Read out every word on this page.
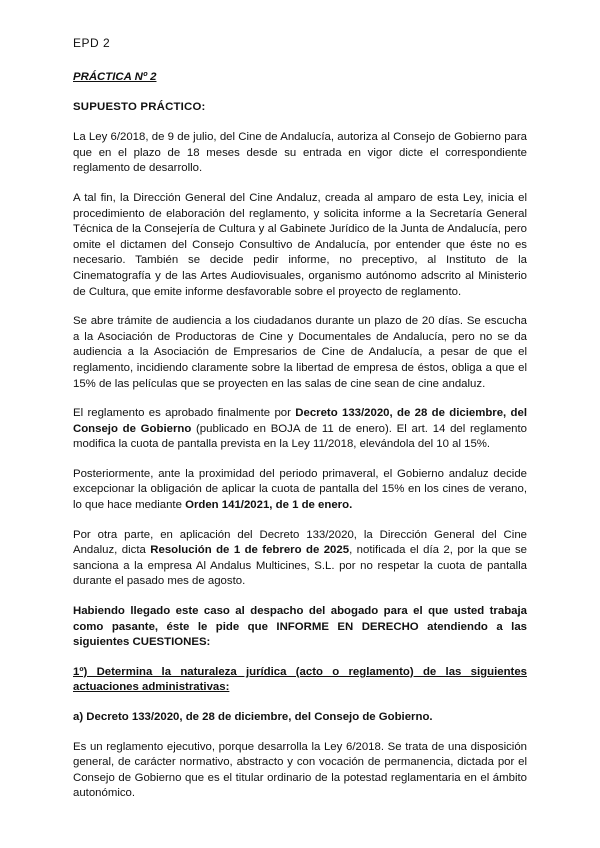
EPD 2

PRÁCTICA Nº 2

SUPUESTO PRÁCTICO:

La Ley 6/2018, de 9 de julio, del Cine de Andalucía, autoriza al Consejo de Gobierno para que en el plazo de 18 meses desde su entrada en vigor dicte el correspondiente reglamento de desarrollo.

A tal fin, la Dirección General del Cine Andaluz, creada al amparo de esta Ley, inicia el procedimiento de elaboración del reglamento, y solicita informe a la Secretaría General Técnica de la Consejería de Cultura y al Gabinete Jurídico de la Junta de Andalucía, pero omite el dictamen del Consejo Consultivo de Andalucía, por entender que éste no es necesario. También se decide pedir informe, no preceptivo, al Instituto de la Cinematografía y de las Artes Audiovisuales, organismo autónomo adscrito al Ministerio de Cultura, que emite informe desfavorable sobre el proyecto de reglamento.

Se abre trámite de audiencia a los ciudadanos durante un plazo de 20 días. Se escucha a la Asociación de Productoras de Cine y Documentales de Andalucía, pero no se da audiencia a la Asociación de Empresarios de Cine de Andalucía, a pesar de que el reglamento, incidiendo claramente sobre la libertad de empresa de éstos, obliga a que el 15% de las películas que se proyecten en las salas de cine sean de cine andaluz.

El reglamento es aprobado finalmente por Decreto 133/2020, de 28 de diciembre, del Consejo de Gobierno (publicado en BOJA de 11 de enero). El art. 14 del reglamento modifica la cuota de pantalla prevista en la Ley 11/2018, elevándola del 10 al 15%.

Posteriormente, ante la proximidad del periodo primaveral, el Gobierno andaluz decide excepcionar la obligación de aplicar la cuota de pantalla del 15% en los cines de verano, lo que hace mediante Orden 141/2021, de 1 de enero.

Por otra parte, en aplicación del Decreto 133/2020, la Dirección General del Cine Andaluz, dicta Resolución de 1 de febrero de 2025, notificada el día 2, por la que se sanciona a la empresa Al Andalus Multicines, S.L. por no respetar la cuota de pantalla durante el pasado mes de agosto.

Habiendo llegado este caso al despacho del abogado para el que usted trabaja como pasante, éste le pide que INFORME EN DERECHO atendiendo a las siguientes CUESTIONES:

1º) Determina la naturaleza jurídica (acto o reglamento) de las siguientes actuaciones administrativas:

a) Decreto 133/2020, de 28 de diciembre, del Consejo de Gobierno.

Es un reglamento ejecutivo, porque desarrolla la Ley 6/2018. Se trata de una disposición general, de carácter normativo, abstracto y con vocación de permanencia, dictada por el Consejo de Gobierno que es el titular ordinario de la potestad reglamentaria en el ámbito autonómico.
